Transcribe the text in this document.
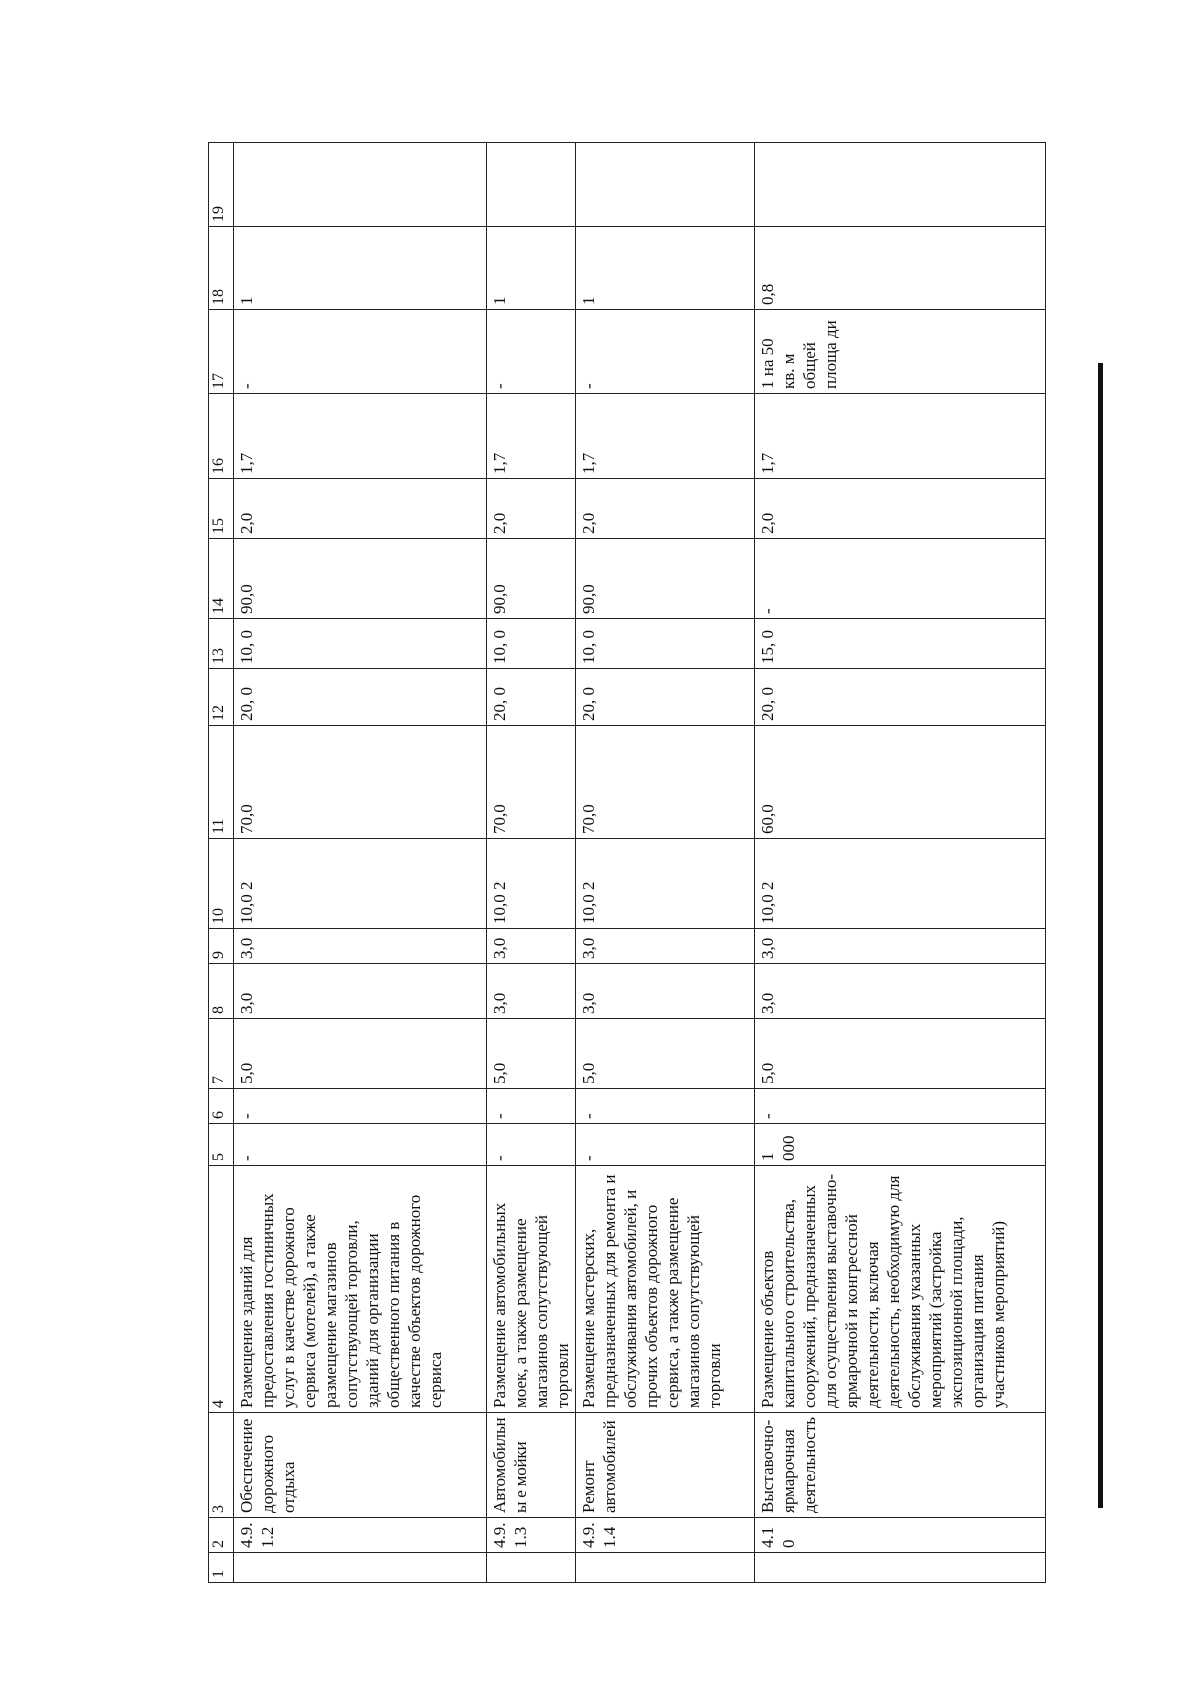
1	2	3	4	5	6	7	8	9	10	11	12	13	14	15	16	17	18	19
	4.9. 1.2	Обеспечение дорожного отдыха	Размещение зданий для предоставления гостиничных услуг в качестве дорожного сервиса (мотелей), а также размещение магазинов сопутствующей торговли, зданий для организации общественного питания в качестве объектов дорожного сервиса	-	-	5,0	3,0	3,0	10,0 2	70,0	20, 0	10, 0	90,0	2,0	1,7	-	1	
	4.9. 1.3	Автомобильны е мойки	Размещение автомобильных моек, а также размещение магазинов сопутствующей торговли	-	-	5,0	3,0	3,0	10,0 2	70,0	20, 0	10, 0	90,0	2,0	1,7	-	1	
	4.9. 1.4	Ремонт автомобилей	Размещение мастерских, предназначенных для ремонта и обслуживания автомобилей, и прочих объектов дорожного сервиса, а также размещение магазинов сопутствующей торговли	-	-	5,0	3,0	3,0	10,0 2	70,0	20, 0	10, 0	90,0	2,0	1,7	-	1	
	4.1 0	Выставочно-ярмарочная деятельность	Размещение объектов капитального строительства, сооружений, предназначенных для осуществления выставочно-ярмарочной и конгрессной деятельности, включая деятельность, необходимую для обслуживания указанных мероприятий (застройка экспозиционной площади, организация питания участников мероприятий)	1 000	-	5,0	3,0	3,0	10,0 2	60,0	20, 0	15, 0	-	2,0	1,7	1 на 50 кв. м общей площа ди	0,8	
